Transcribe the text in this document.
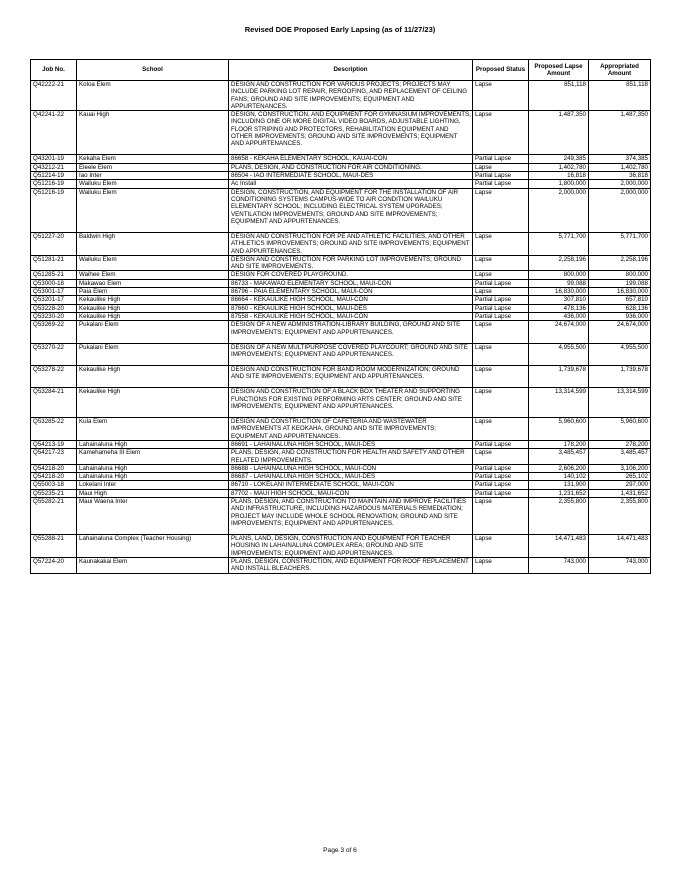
Revised DOE Proposed Early Lapsing (as of 11/27/23)
Job No.	School	Description	Proposed Status	Proposed Lapse Amount	Appropriated Amount
Q42222-21	Koloa Elem	DESIGN AND CONSTRUCTION FOR VARIOUS PROJECTS; PROJECTS MAY INCLUDE PARKING LOT REPAIR, REROOFING, AND REPLACEMENT OF CEILING FANS; GROUND AND SITE IMPROVEMENTS; EQUIPMENT AND APPURTENANCES.	Lapse	851,118	851,118
Q42241-22	Kauai High	DESIGN, CONSTRUCTION, AND EQUIPMENT FOR GYMNASIUM IMPROVEMENTS, INCLUDING ONE OR MORE DIGITAL VIDEO BOARDS, ADJUSTABLE LIGHTING, FLOOR STRIPING AND PROTECTORS, REHABILITATION EQUIPMENT AND OTHER IMPROVEMENTS; GROUND AND SITE IMPROVEMENTS; EQUIPMENT AND APPURTENANCES.	Lapse	1,487,350	1,487,350
Q43201-19	Kekaha Elem	86658 - KEKAHA ELEMENTARY SCHOOL, KAUAI-CON	Partial Lapse	249,385	374,385
Q43212-21	Eleele Elem	PLANS, DESIGN, AND CONSTRUCTION FOR AIR CONDITIONING.	Lapse	1,402,780	1,402,780
Q51214-19	Iao Inter	86504 - IAO INTERMEDIATE SCHOOL, MAUI-DES	Partial Lapse	16,818	36,818
Q51216-19	Wailuku Elem	Ac Install	Partial Lapse	1,800,000	2,000,000
Q51216-19	Wailuku Elem	DESIGN, CONSTRUCTION, AND EQUIPMENT FOR THE INSTALLATION OF AIR CONDITIONING SYSTEMS CAMPUS-WIDE TO AIR CONDITION WAILUKU ELEMENTARY SCHOOL; INCLUDING ELECTRICAL SYSTEM UPGRADES; VENTILATION IMPROVEMENTS; GROUND AND SITE IMPROVEMENTS; EQUIPMENT AND APPURTENANCES.	Lapse	2,000,000	2,000,000
Q51227-20	Baldwin High	DESIGN AND CONSTRUCTION FOR PE AND ATHLETIC FACILITIES, AND OTHER ATHLETICS IMPROVEMENTS; GROUND AND SITE IMPROVEMENTS; EQUIPMENT AND APPURTENANCES.	Lapse	5,771,700	5,771,700
Q51281-21	Wailuku Elem	DESIGN AND CONSTRUCTION FOR PARKING LOT IMPROVEMENTS; GROUND AND SITE IMPROVEMENTS.	Lapse	2,258,196	2,258,196
Q51285-21	Waihee Elem	DESIGN FOR COVERED PLAYGROUND.	Lapse	800,000	800,000
Q53000-18	Makawao Elem	86733 - MAKAWAO ELEMENTARY SCHOOL, MAUI-CON	Partial Lapse	99,088	199,088
Q53001-17	Paia Elem	86796 - PAIA ELEMENTARY SCHOOL, MAUI-CON	Lapse	16,830,000	16,830,000
Q53201-17	Kekaulike High	86664 - KEKAULIKE HIGH SCHOOL, MAUI-CON	Partial Lapse	307,810	657,810
Q53228-20	Kekaulike High	87660 - KEKAULIKE HIGH SCHOOL, MAUI-DES	Partial Lapse	478,136	628,136
Q53230-20	Kekaulike High	87558 - KEKAULIKE HIGH SCHOOL, MAUI-CON	Partial Lapse	436,000	936,000
Q53269-22	Pukalani Elem	DESIGN OF A NEW ADMINISTRATION-LIBRARY BUILDING, GROUND AND SITE IMPROVEMENTS; EQUIPMENT AND APPURTENANCES.	Lapse	24,674,000	24,674,000
Q53270-22	Pukalani Elem	DESIGN OF A NEW MULTIPURPOSE COVERED PLAYCOURT; GROUND AND SITE IMPROVEMENTS; EQUIPMENT AND APPURTENANCES.	Lapse	4,955,500	4,955,500
Q53278-22	Kekaulike High	DESIGN AND CONSTRUCTION FOR BAND ROOM MODERNIZATION; GROUND AND SITE IMPROVEMENTS; EQUIPMENT AND APPURTENANCES.	Lapse	1,739,678	1,739,678
Q53284-21	Kekaulike High	DESIGN AND CONSTRUCTION OF A BLACK BOX THEATER AND SUPPORTING FUNCTIONS FOR EXISTING PERFORMING ARTS CENTER; GROUND AND SITE IMPROVEMENTS; EQUIPMENT AND APPURTENANCES.	Lapse	13,314,599	13,314,599
Q53285-22	Kula Elem	DESIGN AND CONSTRUCTION OF CAFETERIA AND WASTEWATER IMPROVEMENTS AT KEOKAHA, GROUND AND SITE IMPROVEMENTS; EQUIPMENT AND APPURTENANCES.	Lapse	5,960,600	5,960,600
Q54213-19	Lahainaluna High	86691 - LAHAINALUNA HIGH SCHOOL, MAUI-DES	Partial Lapse	178,200	278,200
Q54217-23	Kamehameha III Elem	PLANS, DESIGN, AND CONSTRUCTION FOR HEALTH AND SAFETY AND OTHER RELATED IMPROVEMENTS.	Lapse	3,485,457	3,485,457
Q54218-20	Lahainaluna High	86688 - LAHAINALUNA HIGH SCHOOL, MAUI-CON	Partial Lapse	2,606,200	3,106,200
Q54218-20	Lahainaluna High	86687 - LAHAINALUNA HIGH SCHOOL, MAUI-DES	Partial Lapse	140,102	265,102
Q55003-18	Lokelani Inter	86710 - LOKELANI INTERMEDIATE SCHOOL, MAUI-CON	Partial Lapse	131,900	297,000
Q55235-21	Maui High	87702 - MAUI HIGH SCHOOL, MAUI-CON	Partial Lapse	1,231,652	1,431,652
Q55282-21	Maui Waena Inter	PLANS, DESIGN, AND CONSTRUCTION TO MAINTAIN AND IMPROVE FACILITIES AND INFRASTRUCTURE, INCLUDING HAZARDOUS MATERIALS REMEDIATION; PROJECT MAY INCLUDE WHOLE SCHOOL RENOVATION; GROUND AND SITE IMPROVEMENTS; EQUIPMENT AND APPURTENANCES.	Lapse	2,355,800	2,355,800
Q55288-21	Lahainaluna Complex (Teacher Housing)	PLANS, LAND, DESIGN, CONSTRUCTION AND EQUIPMENT FOR TEACHER HOUSING IN LAHAINALUNA COMPLEX AREA; GROUND AND SITE IMPROVEMENTS; EQUIPMENT AND APPURTENANCES.	Lapse	14,471,483	14,471,483
Q57224-20	Kaunakakai Elem	PLANS, DESIGN, CONSTRUCTION, AND EQUIPMENT FOR ROOF REPLACEMENT AND INSTALL BLEACHERS.	Lapse	743,000	743,000
Page 3 of 6
